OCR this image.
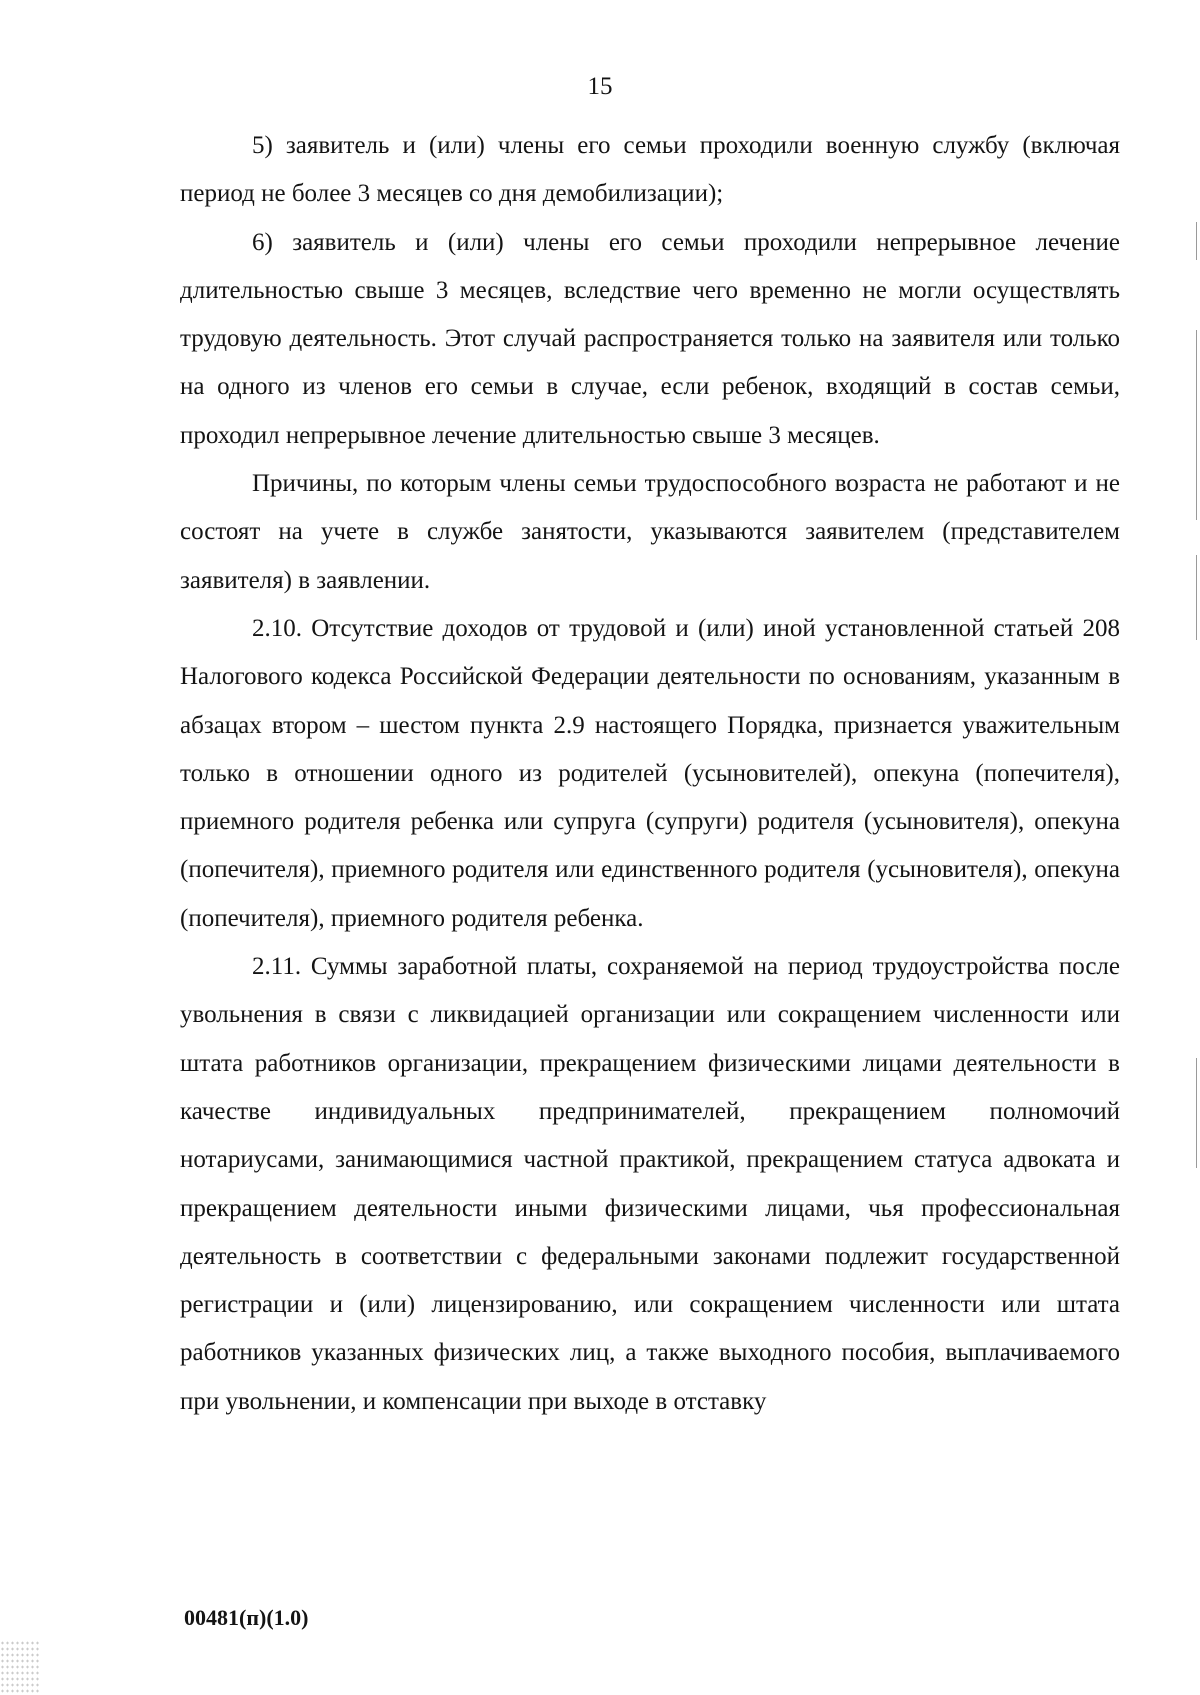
15

5) заявитель и (или) члены его семьи проходили военную службу (включая период не более 3 месяцев со дня демобилизации);

6) заявитель и (или) члены его семьи проходили непрерывное лечение длительностью свыше 3 месяцев, вследствие чего временно не могли осуществлять трудовую деятельность. Этот случай распространяется только на заявителя или только на одного из членов его семьи в случае, если ребенок, входящий в состав семьи, проходил непрерывное лечение длительностью свыше 3 месяцев.

Причины, по которым члены семьи трудоспособного возраста не работают и не состоят на учете в службе занятости, указываются заявителем (представителем заявителя) в заявлении.

2.10. Отсутствие доходов от трудовой и (или) иной установленной статьей 208 Налогового кодекса Российской Федерации деятельности по основаниям, указанным в абзацах втором – шестом пункта 2.9 настоящего Порядка, признается уважительным только в отношении одного из родителей (усыновителей), опекуна (попечителя), приемного родителя ребенка или супруга (супруги) родителя (усыновителя), опекуна (попечителя), приемного родителя или единственного родителя (усыновителя), опекуна (попечителя), приемного родителя ребенка.

2.11. Суммы заработной платы, сохраняемой на период трудоустройства после увольнения в связи с ликвидацией организации или сокращением численности или штата работников организации, прекращением физическими лицами деятельности в качестве индивидуальных предпринимателей, прекращением полномочий нотариусами, занимающимися частной практикой, прекращением статуса адвоката и прекращением деятельности иными физическими лицами, чья профессиональная деятельность в соответствии с федеральными законами подлежит государственной регистрации и (или) лицензированию, или сокращением численности или штата работников указанных физических лиц, а также выходного пособия, выплачиваемого при увольнении, и компенсации при выходе в отставку

00481(п)(1.0)
